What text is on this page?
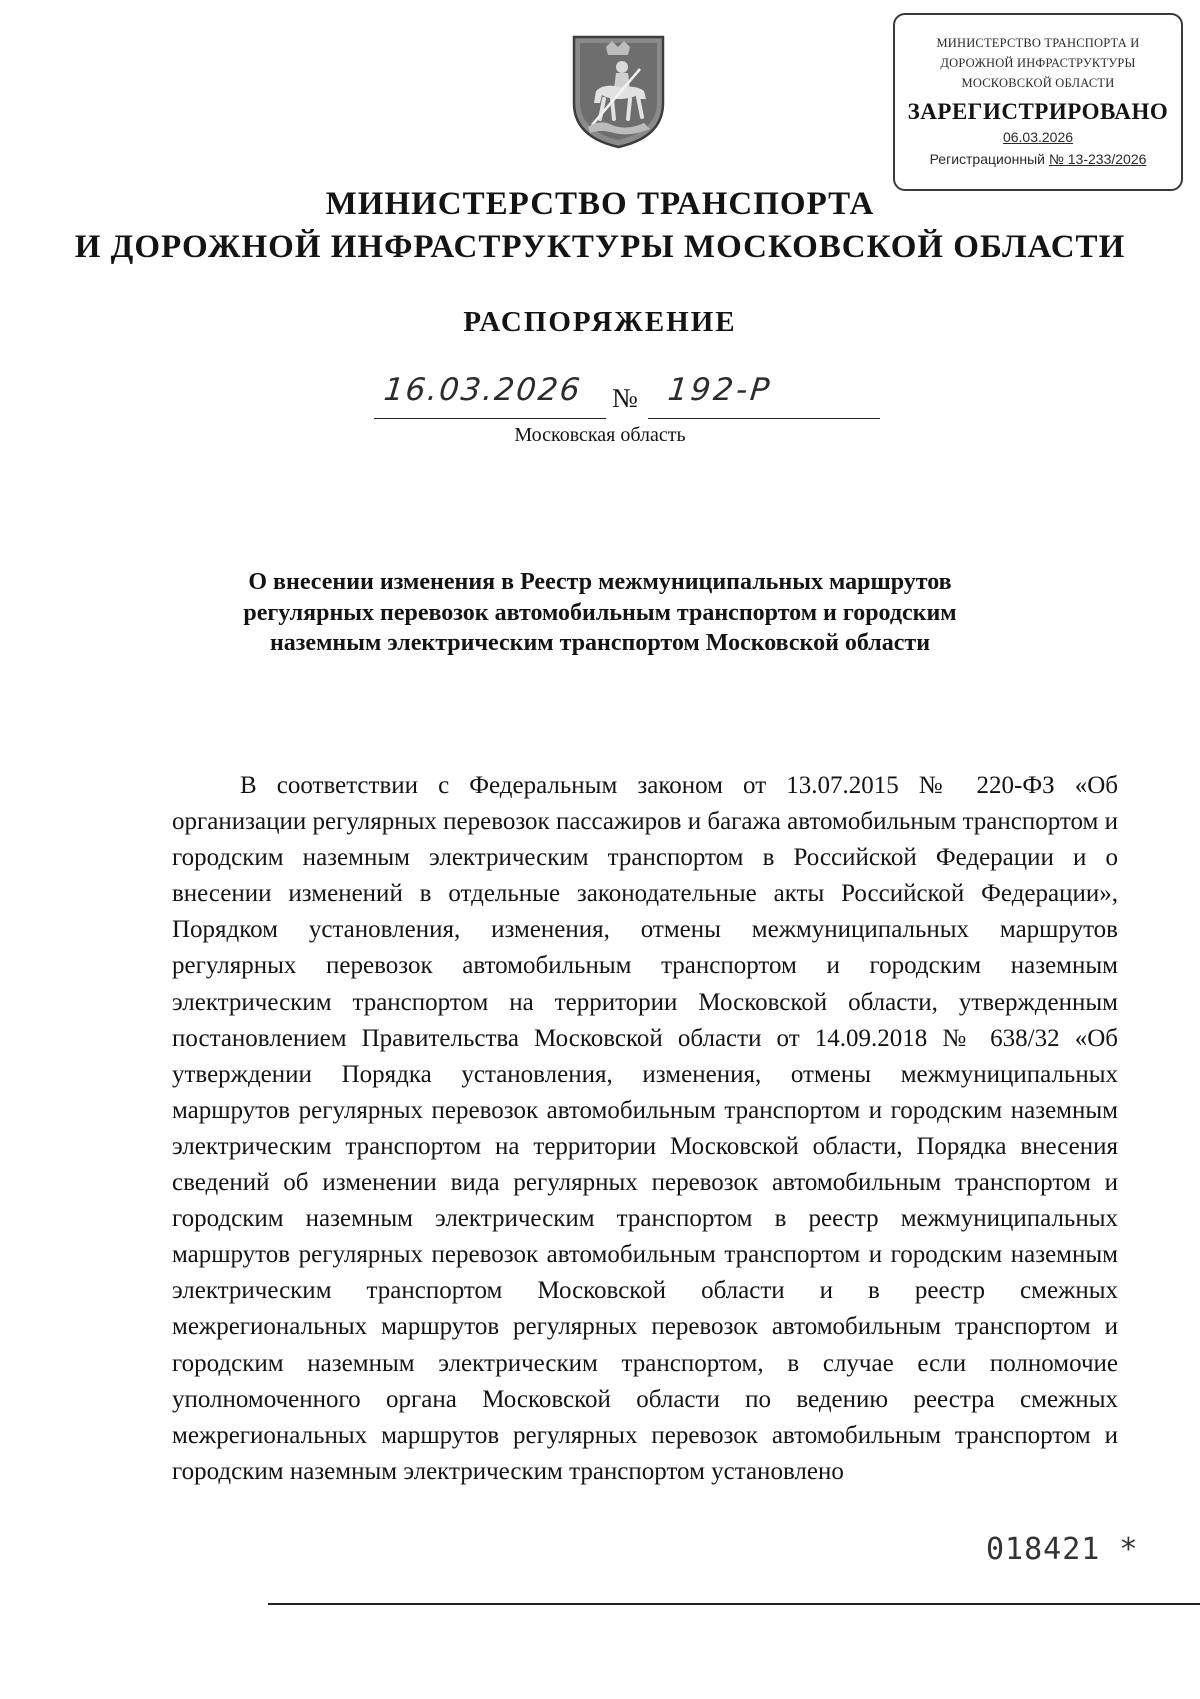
МИНИСТЕРСТВО ТРАНСПОРТА И
ДОРОЖНОЙ ИНФРАСТРУКТУРЫ
МОСКОВСКОЙ ОБЛАСТИ
ЗАРЕГИСТРИРОВАНО
06.03.2026
Регистрационный № 13-233/2026
МИНИСТЕРСТВО ТРАНСПОРТА
И ДОРОЖНОЙ ИНФРАСТРУКТУРЫ МОСКОВСКОЙ ОБЛАСТИ
РАСПОРЯЖЕНИЕ
16.03.2026 № 192-Р
Московская область
О внесении изменения в Реестр межмуниципальных маршрутов
регулярных перевозок автомобильным транспортом и городским
наземным электрическим транспортом Московской области

В соответствии с Федеральным законом от 13.07.2015 № 220-ФЗ «Об организации регулярных перевозок пассажиров и багажа автомобильным транспортом и городским наземным электрическим транспортом в Российской Федерации и о внесении изменений в отдельные законодательные акты Российской Федерации», Порядком установления, изменения, отмены межмуниципальных маршрутов регулярных перевозок автомобильным транспортом и городским наземным электрическим транспортом на территории Московской области, утвержденным постановлением Правительства Московской области от 14.09.2018 № 638/32 «Об утверждении Порядка установления, изменения, отмены межмуниципальных маршрутов регулярных перевозок автомобильным транспортом и городским наземным электрическим транспортом на территории Московской области, Порядка внесения сведений об изменении вида регулярных перевозок автомобильным транспортом и городским наземным электрическим транспортом в реестр межмуниципальных маршрутов регулярных перевозок автомобильным транспортом и городским наземным электрическим транспортом Московской области и в реестр смежных межрегиональных маршрутов регулярных перевозок автомобильным транспортом и городским наземным электрическим транспортом, в случае если полномочие уполномоченного органа Московской области по ведению реестра смежных межрегиональных маршрутов регулярных перевозок автомобильным транспортом и городским наземным электрическим транспортом установлено

018421 *
